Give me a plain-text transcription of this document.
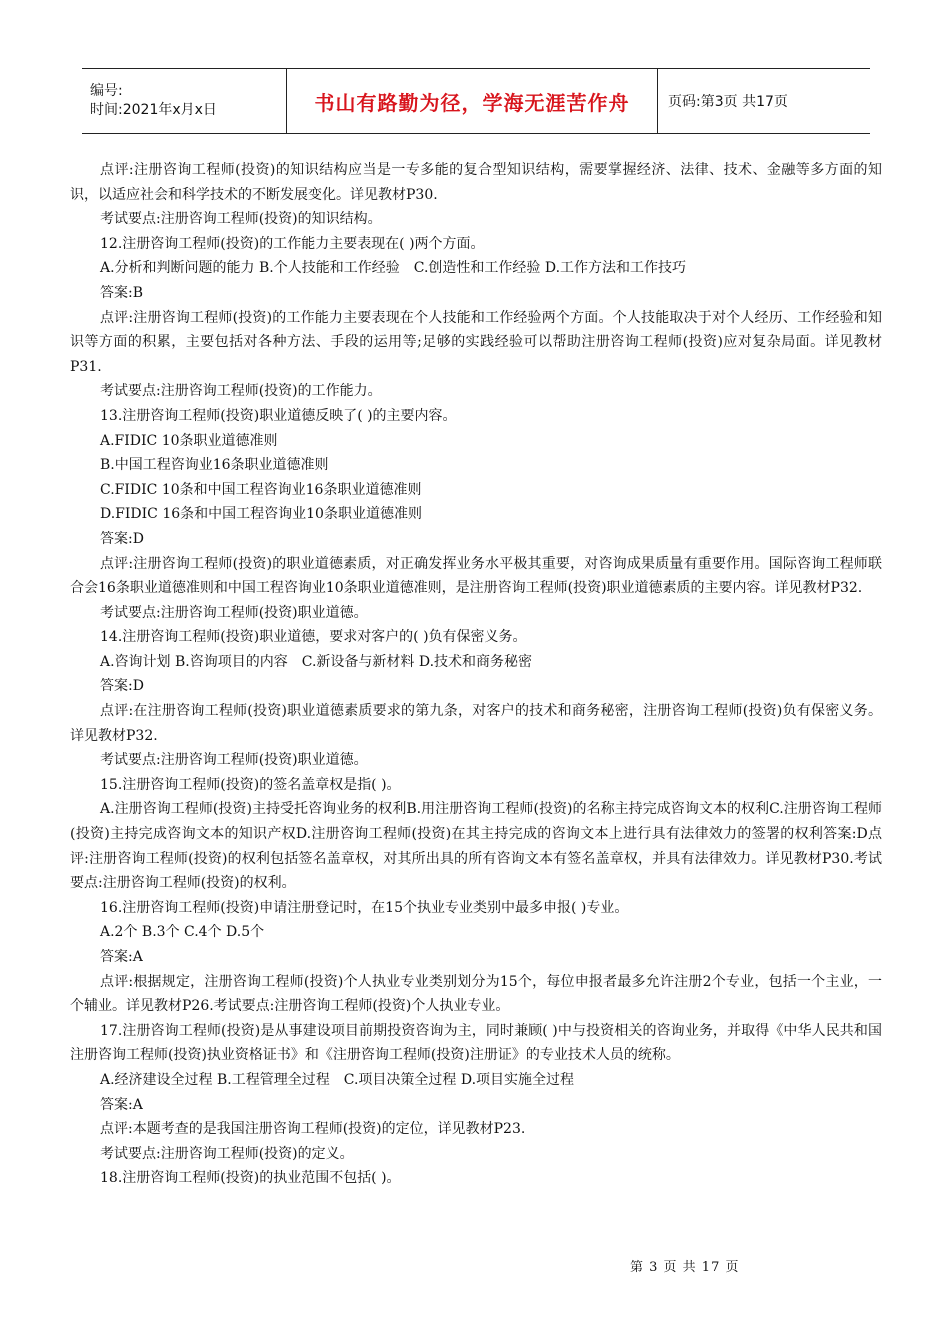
编号:
时间:2021年x月x日	书山有路勤为径，学海无涯苦作舟	页码:第3页 共17页

点评:注册咨询工程师(投资)的知识结构应当是一专多能的复合型知识结构，需要掌握经济、法律、技术、金融等多方面的知识，以适应社会和科学技术的不断发展变化。详见教材P30.

考试要点:注册咨询工程师(投资)的知识结构。

12.注册咨询工程师(投资)的工作能力主要表现在( )两个方面。

A.分析和判断问题的能力 B.个人技能和工作经验　C.创造性和工作经验 D.工作方法和工作技巧

答案:B

点评:注册咨询工程师(投资)的工作能力主要表现在个人技能和工作经验两个方面。个人技能取决于对个人经历、工作经验和知识等方面的积累，主要包括对各种方法、手段的运用等;足够的实践经验可以帮助注册咨询工程师(投资)应对复杂局面。详见教材P31.

考试要点:注册咨询工程师(投资)的工作能力。

13.注册咨询工程师(投资)职业道德反映了( )的主要内容。

A.FIDIC 10条职业道德准则

B.中国工程咨询业16条职业道德准则

C.FIDIC 10条和中国工程咨询业16条职业道德准则

D.FIDIC 16条和中国工程咨询业10条职业道德准则

答案:D

点评:注册咨询工程师(投资)的职业道德素质，对正确发挥业务水平极其重要，对咨询成果质量有重要作用。国际咨询工程师联合会16条职业道德准则和中国工程咨询业10条职业道德准则，是注册咨询工程师(投资)职业道德素质的主要内容。详见教材P32.

考试要点:注册咨询工程师(投资)职业道德。

14.注册咨询工程师(投资)职业道德，要求对客户的( )负有保密义务。

A.咨询计划 B.咨询项目的内容　C.新设备与新材料 D.技术和商务秘密

答案:D

点评:在注册咨询工程师(投资)职业道德素质要求的第九条，对客户的技术和商务秘密，注册咨询工程师(投资)负有保密义务。详见教材P32.

考试要点:注册咨询工程师(投资)职业道德。

15.注册咨询工程师(投资)的签名盖章权是指( )。

A.注册咨询工程师(投资)主持受托咨询业务的权利B.用注册咨询工程师(投资)的名称主持完成咨询文本的权利C.注册咨询工程师(投资)主持完成咨询文本的知识产权D.注册咨询工程师(投资)在其主持完成的咨询文本上进行具有法律效力的签署的权利答案:D点评:注册咨询工程师(投资)的权利包括签名盖章权，对其所出具的所有咨询文本有签名盖章权，并具有法律效力。详见教材P30.考试要点:注册咨询工程师(投资)的权利。

16.注册咨询工程师(投资)申请注册登记时，在15个执业专业类别中最多申报( )专业。

A.2个 B.3个 C.4个 D.5个

答案:A

点评:根据规定，注册咨询工程师(投资)个人执业专业类别划分为15个，每位申报者最多允许注册2个专业，包括一个主业，一个辅业。详见教材P26.考试要点:注册咨询工程师(投资)个人执业专业。

17.注册咨询工程师(投资)是从事建设项目前期投资咨询为主，同时兼顾( )中与投资相关的咨询业务，并取得《中华人民共和国注册咨询工程师(投资)执业资格证书》和《注册咨询工程师(投资)注册证》的专业技术人员的统称。

A.经济建设全过程 B.工程管理全过程　C.项目决策全过程 D.项目实施全过程

答案:A

点评:本题考查的是我国注册咨询工程师(投资)的定位，详见教材P23.

考试要点:注册咨询工程师(投资)的定义。

18.注册咨询工程师(投资)的执业范围不包括( )。

第 3 页 共 17 页
